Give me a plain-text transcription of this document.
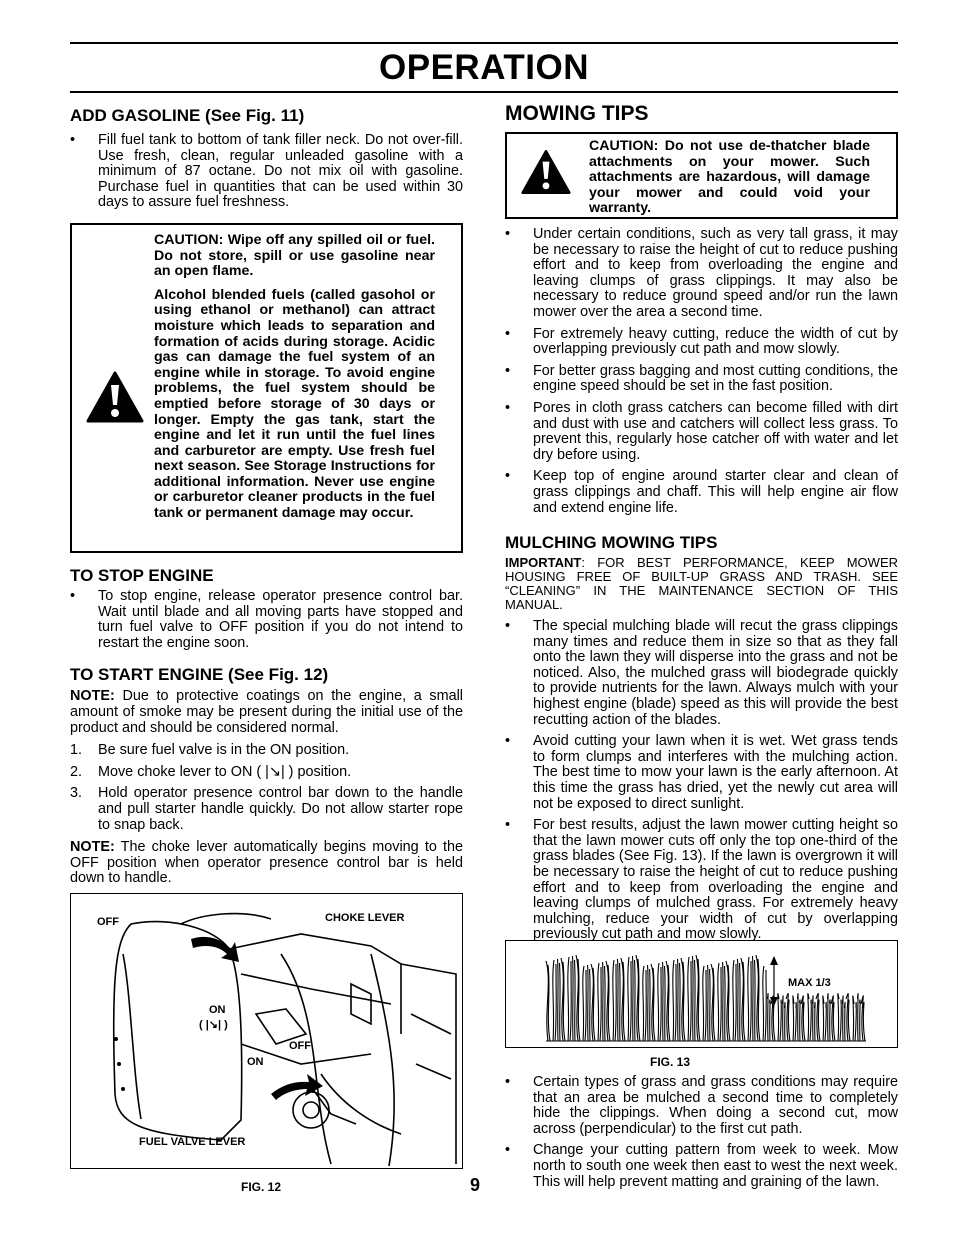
OPERATION
ADD GASOLINE (See Fig. 11)
• Fill fuel tank to bottom of tank filler neck. Do not over-fill. Use fresh, clean, regular unleaded gasoline with a minimum of 87 octane. Do not mix oil with gasoline. Purchase fuel in quantities that can be used within 30 days to assure fuel freshness.
CAUTION: Wipe off any spilled oil or fuel. Do not store, spill or use gasoline near an open flame.
Alcohol blended fuels (called gasohol or using ethanol or methanol) can attract moisture which leads to separation and formation of acids during storage. Acidic gas can damage the fuel system of an engine while in storage. To avoid engine problems, the fuel system should be emptied before storage of 30 days or longer. Empty the gas tank, start the engine and let it run until the fuel lines and carburetor are empty. Use fresh fuel next season. See Storage Instructions for additional information. Never use engine or carburetor cleaner products in the fuel tank or permanent damage may occur.
TO STOP ENGINE
• To stop engine, release operator presence control bar. Wait until blade and all moving parts have stopped and turn fuel valve to OFF position if you do not intend to restart the engine soon.
TO START ENGINE (See Fig. 12)
NOTE: Due to protective coatings on the engine, a small amount of smoke may be present during the initial use of the product and should be considered normal.
1. Be sure fuel valve is in the ON position.
2. Move choke lever to ON ( |↘| ) position.
3. Hold operator presence control bar down to the handle and pull starter handle quickly. Do not allow starter rope to snap back.
NOTE: The choke lever automatically begins moving to the OFF position when operator presence control bar is held down to handle.
OFF	CHOKE LEVER
ON
( |↘| )
OFF
ON
FUEL VALVE LEVER
FIG. 12
MOWING TIPS
CAUTION: Do not use de-thatcher blade attachments on your mower. Such attachments are hazardous, will damage your mower and could void your warranty.
• Under certain conditions, such as very tall grass, it may be necessary to raise the height of cut to reduce pushing effort and to keep from overloading the engine and leaving clumps of grass clippings. It may also be necessary to reduce ground speed and/or run the lawn mower over the area a second time.
• For extremely heavy cutting, reduce the width of cut by overlapping previously cut path and mow slowly.
• For better grass bagging and most cutting conditions, the engine speed should be set in the fast position.
• Pores in cloth grass catchers can become filled with dirt and dust with use and catchers will collect less grass. To prevent this, regularly hose catcher off with water and let dry before using.
• Keep top of engine around starter clear and clean of grass clippings and chaff. This will help engine air flow and extend engine life.
MULCHING MOWING TIPS
IMPORTANT: FOR BEST PERFORMANCE, KEEP MOWER HOUSING FREE OF BUILT-UP GRASS AND TRASH. SEE “CLEANING” IN THE MAINTENANCE SECTION OF THIS MANUAL.
• The special mulching blade will recut the grass clippings many times and reduce them in size so that as they fall onto the lawn they will disperse into the grass and not be noticed. Also, the mulched grass will biodegrade quickly to provide nutrients for the lawn. Always mulch with your highest engine (blade) speed as this will provide the best recutting action of the blades.
• Avoid cutting your lawn when it is wet. Wet grass tends to form clumps and interferes with the mulching action. The best time to mow your lawn is the early afternoon. At this time the grass has dried, yet the newly cut area will not be exposed to direct sunlight.
• For best results, adjust the lawn mower cutting height so that the lawn mower cuts off only the top one-third of the grass blades (See Fig. 13). If the lawn is overgrown it will be necessary to raise the height of cut to reduce pushing effort and to keep from overloading the engine and leaving clumps of mulched grass. For extremely heavy mulching, reduce your width of cut by overlapping previously cut path and mow slowly.
MAX 1/3
FIG. 13
• Certain types of grass and grass conditions may require that an area be mulched a second time to completely hide the clippings. When doing a second cut, mow across (perpendicular) to the first cut path.
• Change your cutting pattern from week to week. Mow north to south one week then east to west the next week. This will help prevent matting and graining of the lawn.
9
